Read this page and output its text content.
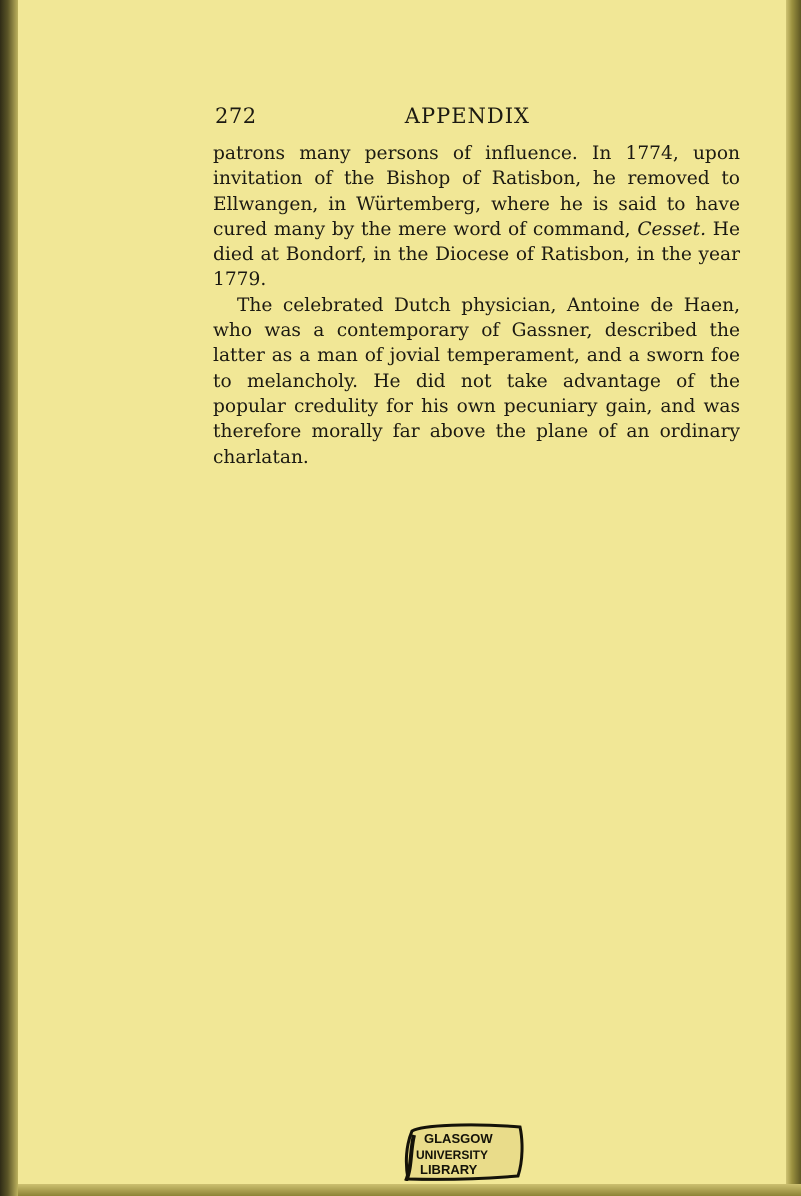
272	APPENDIX

patrons many persons of influence. In 1774, upon invitation of the Bishop of Ratisbon, he removed to Ellwangen, in Würtemberg, where he is said to have cured many by the mere word of command, Cesset. He died at Bondorf, in the Diocese of Ratisbon, in the year 1779.

The celebrated Dutch physician, Antoine de Haen, who was a contemporary of Gassner, described the latter as a man of jovial temperament, and a sworn foe to melancholy. He did not take advantage of the popular credulity for his own pecuniary gain, and was therefore morally far above the plane of an ordinary charlatan.

GLASGOW
UNIVERSITY
LIBRARY
